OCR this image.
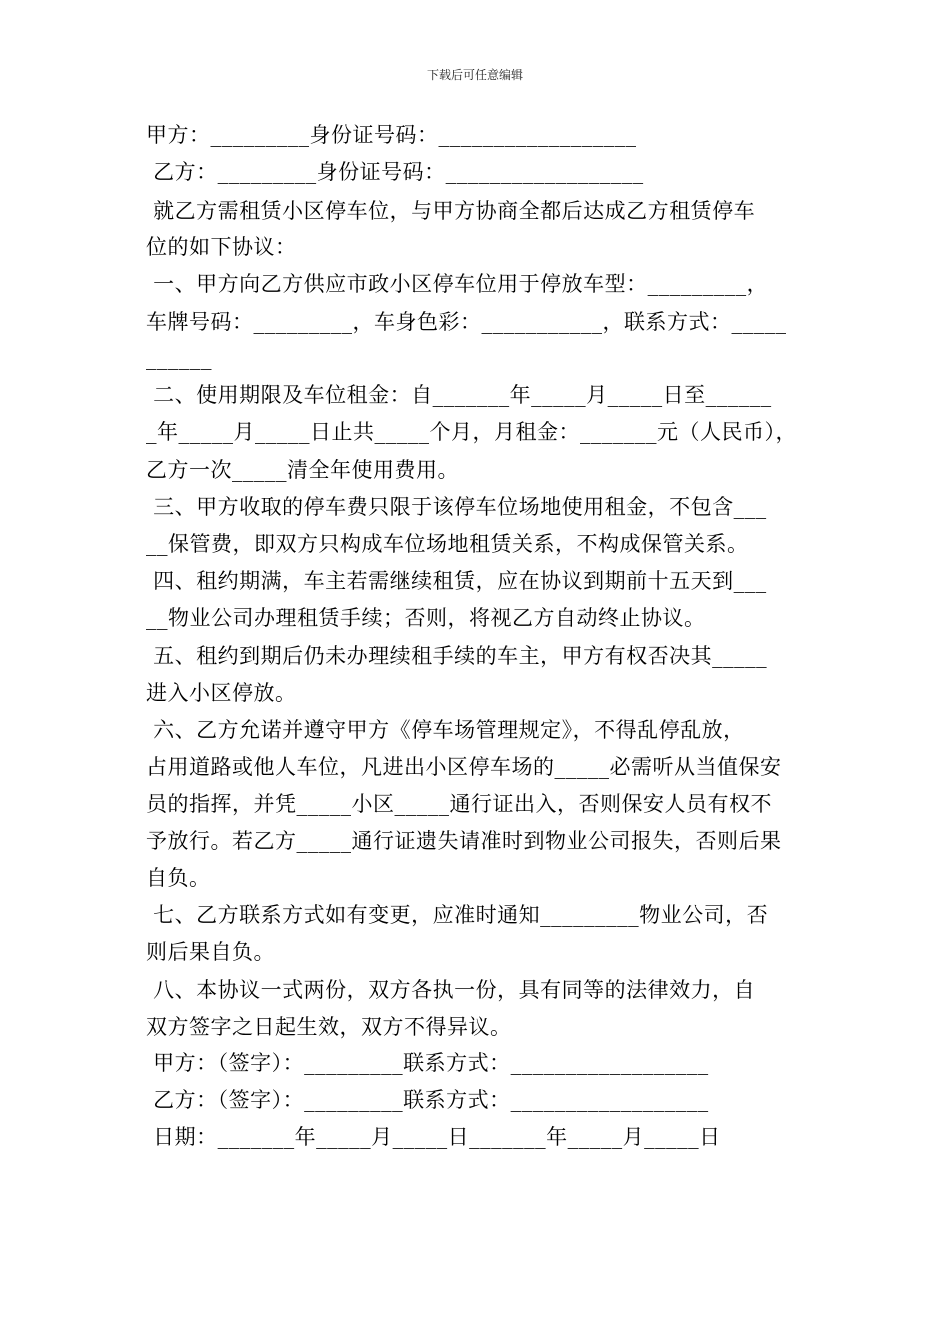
下载后可任意编辑
甲方：_________身份证号码：__________________
乙方：_________身份证号码：__________________
就乙方需租赁小区停车位，与甲方协商全都后达成乙方租赁停车
位的如下协议：
一、甲方向乙方供应市政小区停车位用于停放车型：_________，
车牌号码：_________，车身色彩：___________，联系方式：_____
______
二、使用期限及车位租金：自_______年_____月_____日至______
_年_____月_____日止共_____个月，月租金：_______元（人民币），
乙方一次_____清全年使用费用。
三、甲方收取的停车费只限于该停车位场地使用租金，不包含___
__保管费，即双方只构成车位场地租赁关系，不构成保管关系。
四、租约期满，车主若需继续租赁，应在协议到期前十五天到___
__物业公司办理租赁手续；否则，将视乙方自动终止协议。
五、租约到期后仍未办理续租手续的车主，甲方有权否决其_____
进入小区停放。
六、乙方允诺并遵守甲方《停车场管理规定》，不得乱停乱放，
占用道路或他人车位，凡进出小区停车场的_____必需听从当值保安
员的指挥，并凭_____小区_____通行证出入，否则保安人员有权不
予放行。若乙方_____通行证遗失请准时到物业公司报失，否则后果
自负。
七、乙方联系方式如有变更，应准时通知_________物业公司，否
则后果自负。
八、本协议一式两份，双方各执一份，具有同等的法律效力，自
双方签字之日起生效，双方不得异议。
甲方：（签字）：_________联系方式：__________________
乙方：（签字）：_________联系方式：__________________
日期：_______年_____月_____日_______年_____月_____日
